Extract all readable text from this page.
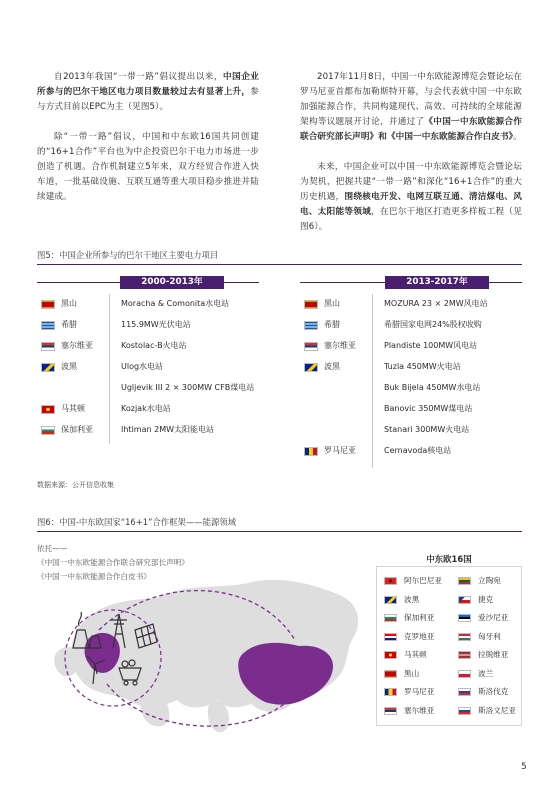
自2013年我国“一带一路”倡议提出以来，中国企业所参与的巴尔干地区电力项目数量较过去有显著上升，参与方式目前以EPC为主（见图5）。

除“一带一路”倡议，中国和中东欧16国共同创建的“16+1合作”平台也为中企投资巴尔干电力市场进一步创造了机遇。合作机制建立5年来，双方经贸合作进入快车道，一批基础设施、互联互通等重大项目稳步推进并陆续建成。

2017年11月8日，中国一中东欧能源博览会暨论坛在罗马尼亚首都布加勒斯特开幕，与会代表就中国一中东欧加强能源合作，共同构建现代、高效、可持续的全球能源架构等议题展开讨论，并通过了《中国一中东欧能源合作联合研究部长声明》和《中国一中东欧能源合作白皮书》。

未来，中国企业可以中国一中东欧能源博览会暨论坛为契机，把握共建“一带一路”和深化“16+1合作”的重大历史机遇，围绕核电开发、电网互联互通、清洁煤电、风电、太阳能等领域，在巴尔干地区打造更多样板工程（见图6）。

图5：中国企业所参与的巴尔干地区主要电力项目
2000-2013年	2013-2017年
黑山	Moracha & Comonita水电站
希腊	115.9MW光伏电站
塞尔维亚	Kostolac-B火电站
波黑	Ulog水电站
Ugljevik III 2 × 300MW CFB煤电站
马其顿	Kozjak水电站
保加利亚	Ihtiman 2MW太阳能电站
黑山	MOZURA 23 × 2MW风电站
希腊	希腊国家电网24%股权收购
塞尔维亚	Plandiste 100MW风电站
波黑	Tuzla 450MW火电站
Buk Bijela 450MW水电站
Banovic 350MW煤电站
Stanari 300MW火电站
罗马尼亚	Cernavoda核电站
数据来源：公开信息收集
图6：中国-中东欧国家“16+1”合作框架——能源领域
依托——
《中国一中东欧能源合作联合研究部长声明》
《中国一中东欧能源合作白皮书》
中东欧16国
阿尔巴尼亚	立陶宛
波黑	捷克
保加利亚	爱沙尼亚
克罗地亚	匈牙利
马其顿	拉脱维亚
黑山	波兰
罗马尼亚	斯洛伐克
塞尔维亚	斯洛文尼亚
5
